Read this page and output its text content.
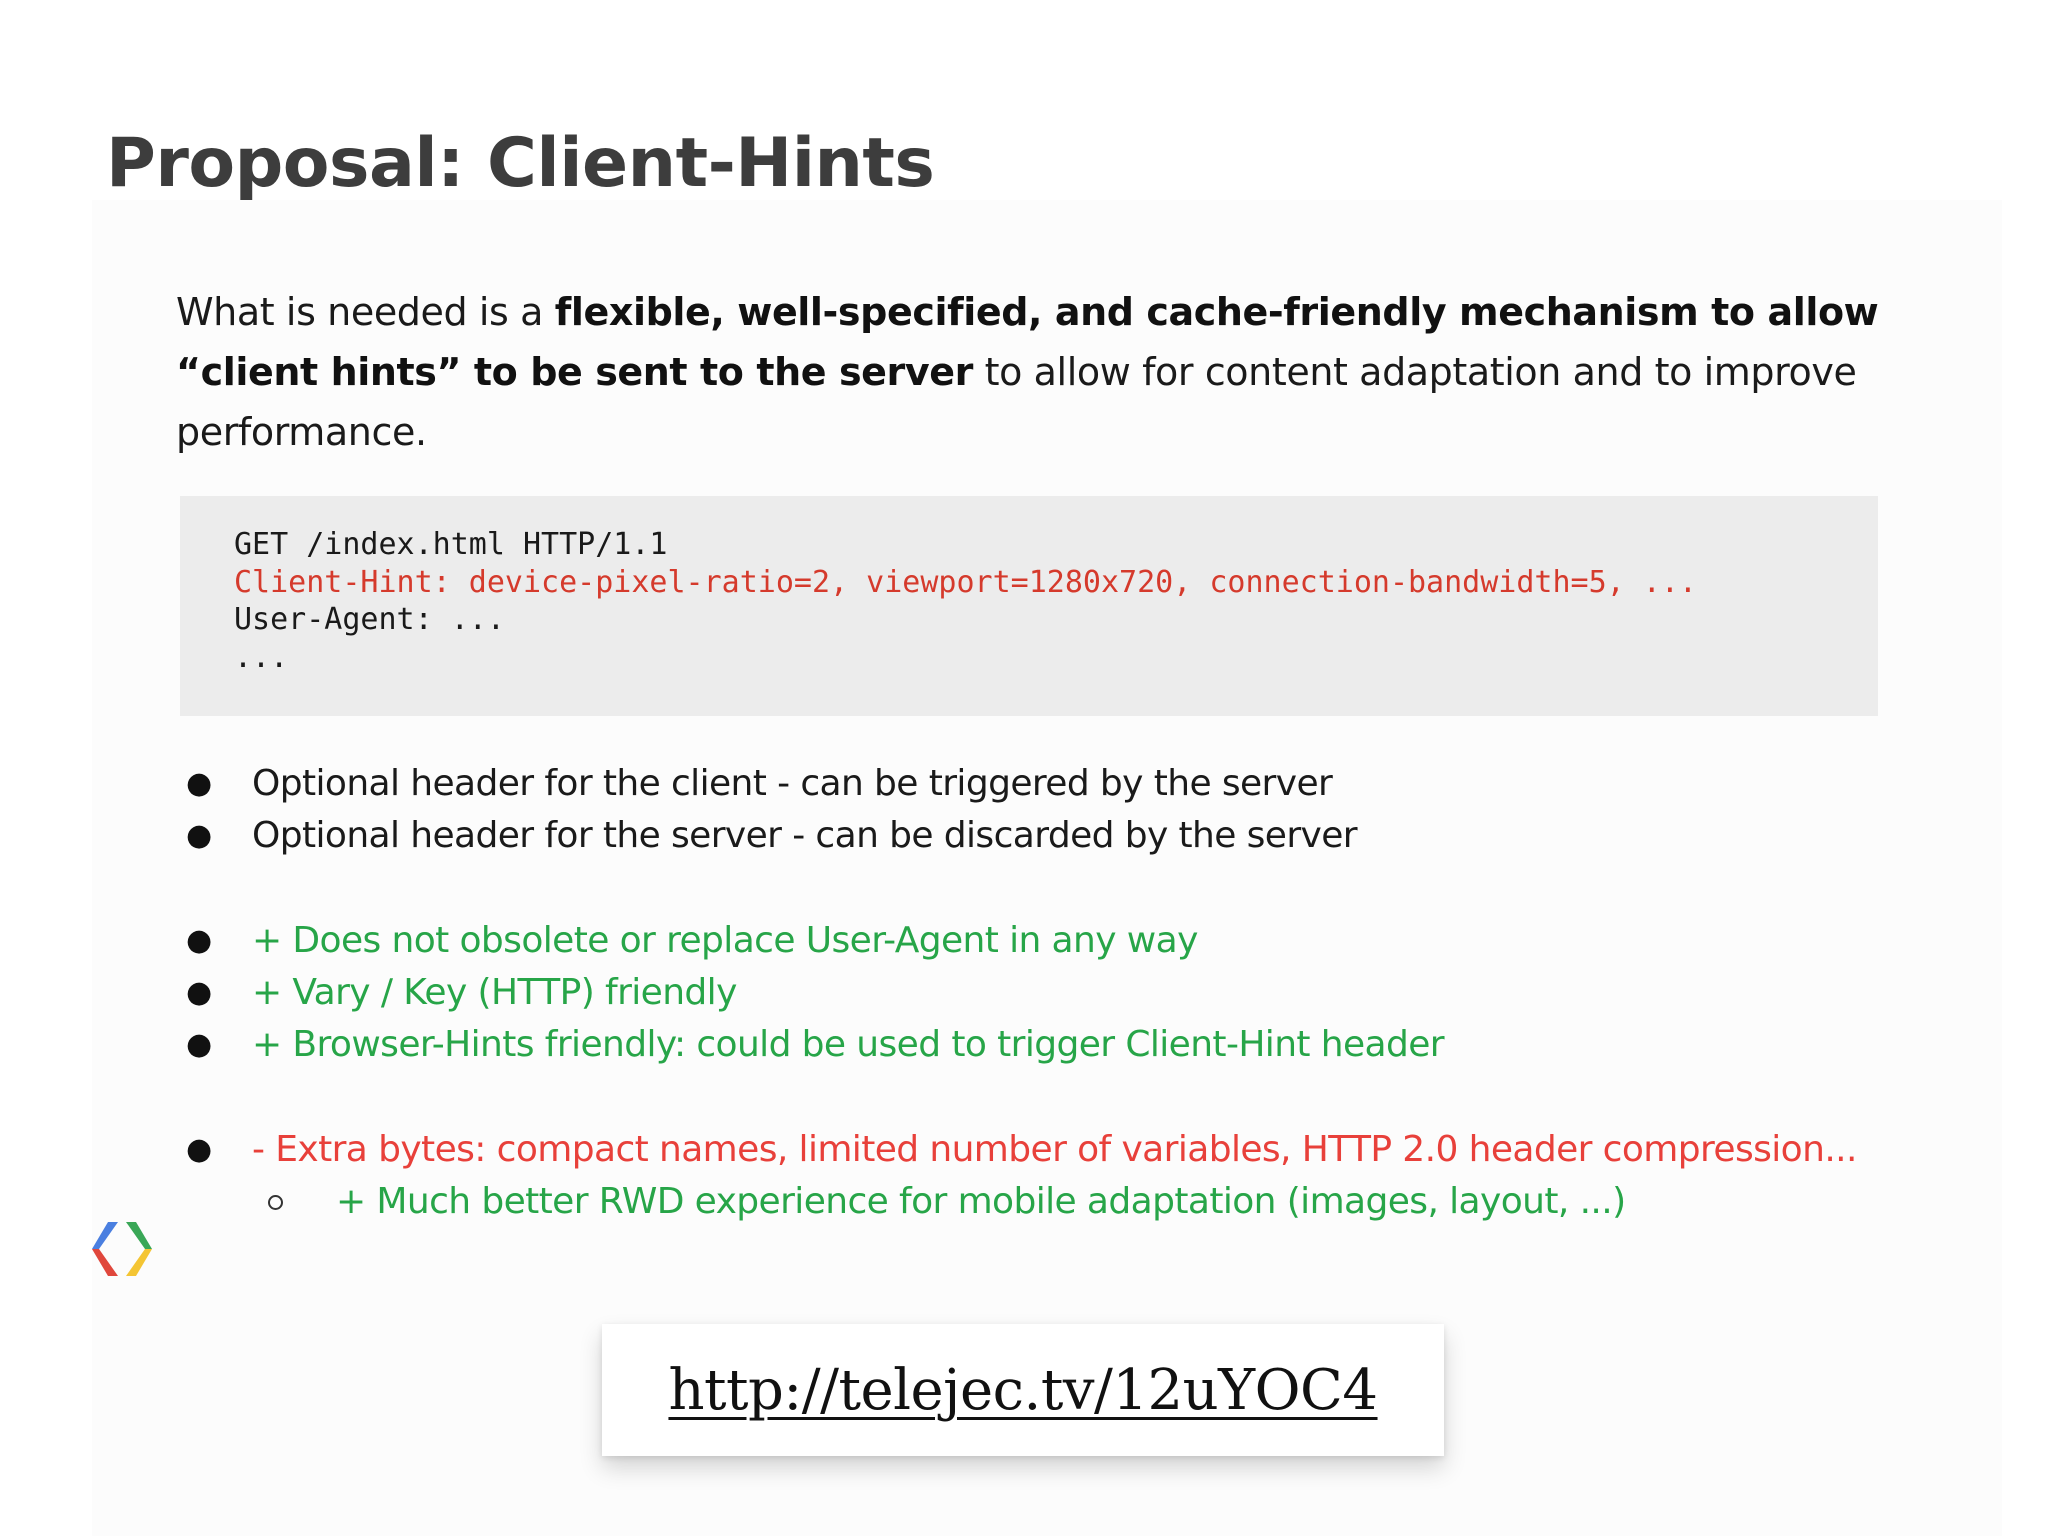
Proposal: Client-Hints
What is needed is a flexible, well-specified, and cache-friendly mechanism to allow “client hints” to be sent to the server to allow for content adaptation and to improve performance.
GET /index.html HTTP/1.1
Client-Hint: device-pixel-ratio=2, viewport=1280x720, connection-bandwidth=5, ...
User-Agent: ...
...
● Optional header for the client - can be triggered by the server
● Optional header for the server - can be discarded by the server
● + Does not obsolete or replace User-Agent in any way
● + Vary / Key (HTTP) friendly
● + Browser-Hints friendly: could be used to trigger Client-Hint header
● - Extra bytes: compact names, limited number of variables, HTTP 2.0 header compression...
+ Much better RWD experience for mobile adaptation (images, layout, ...)
http://telejec.tv/12uYOC4
